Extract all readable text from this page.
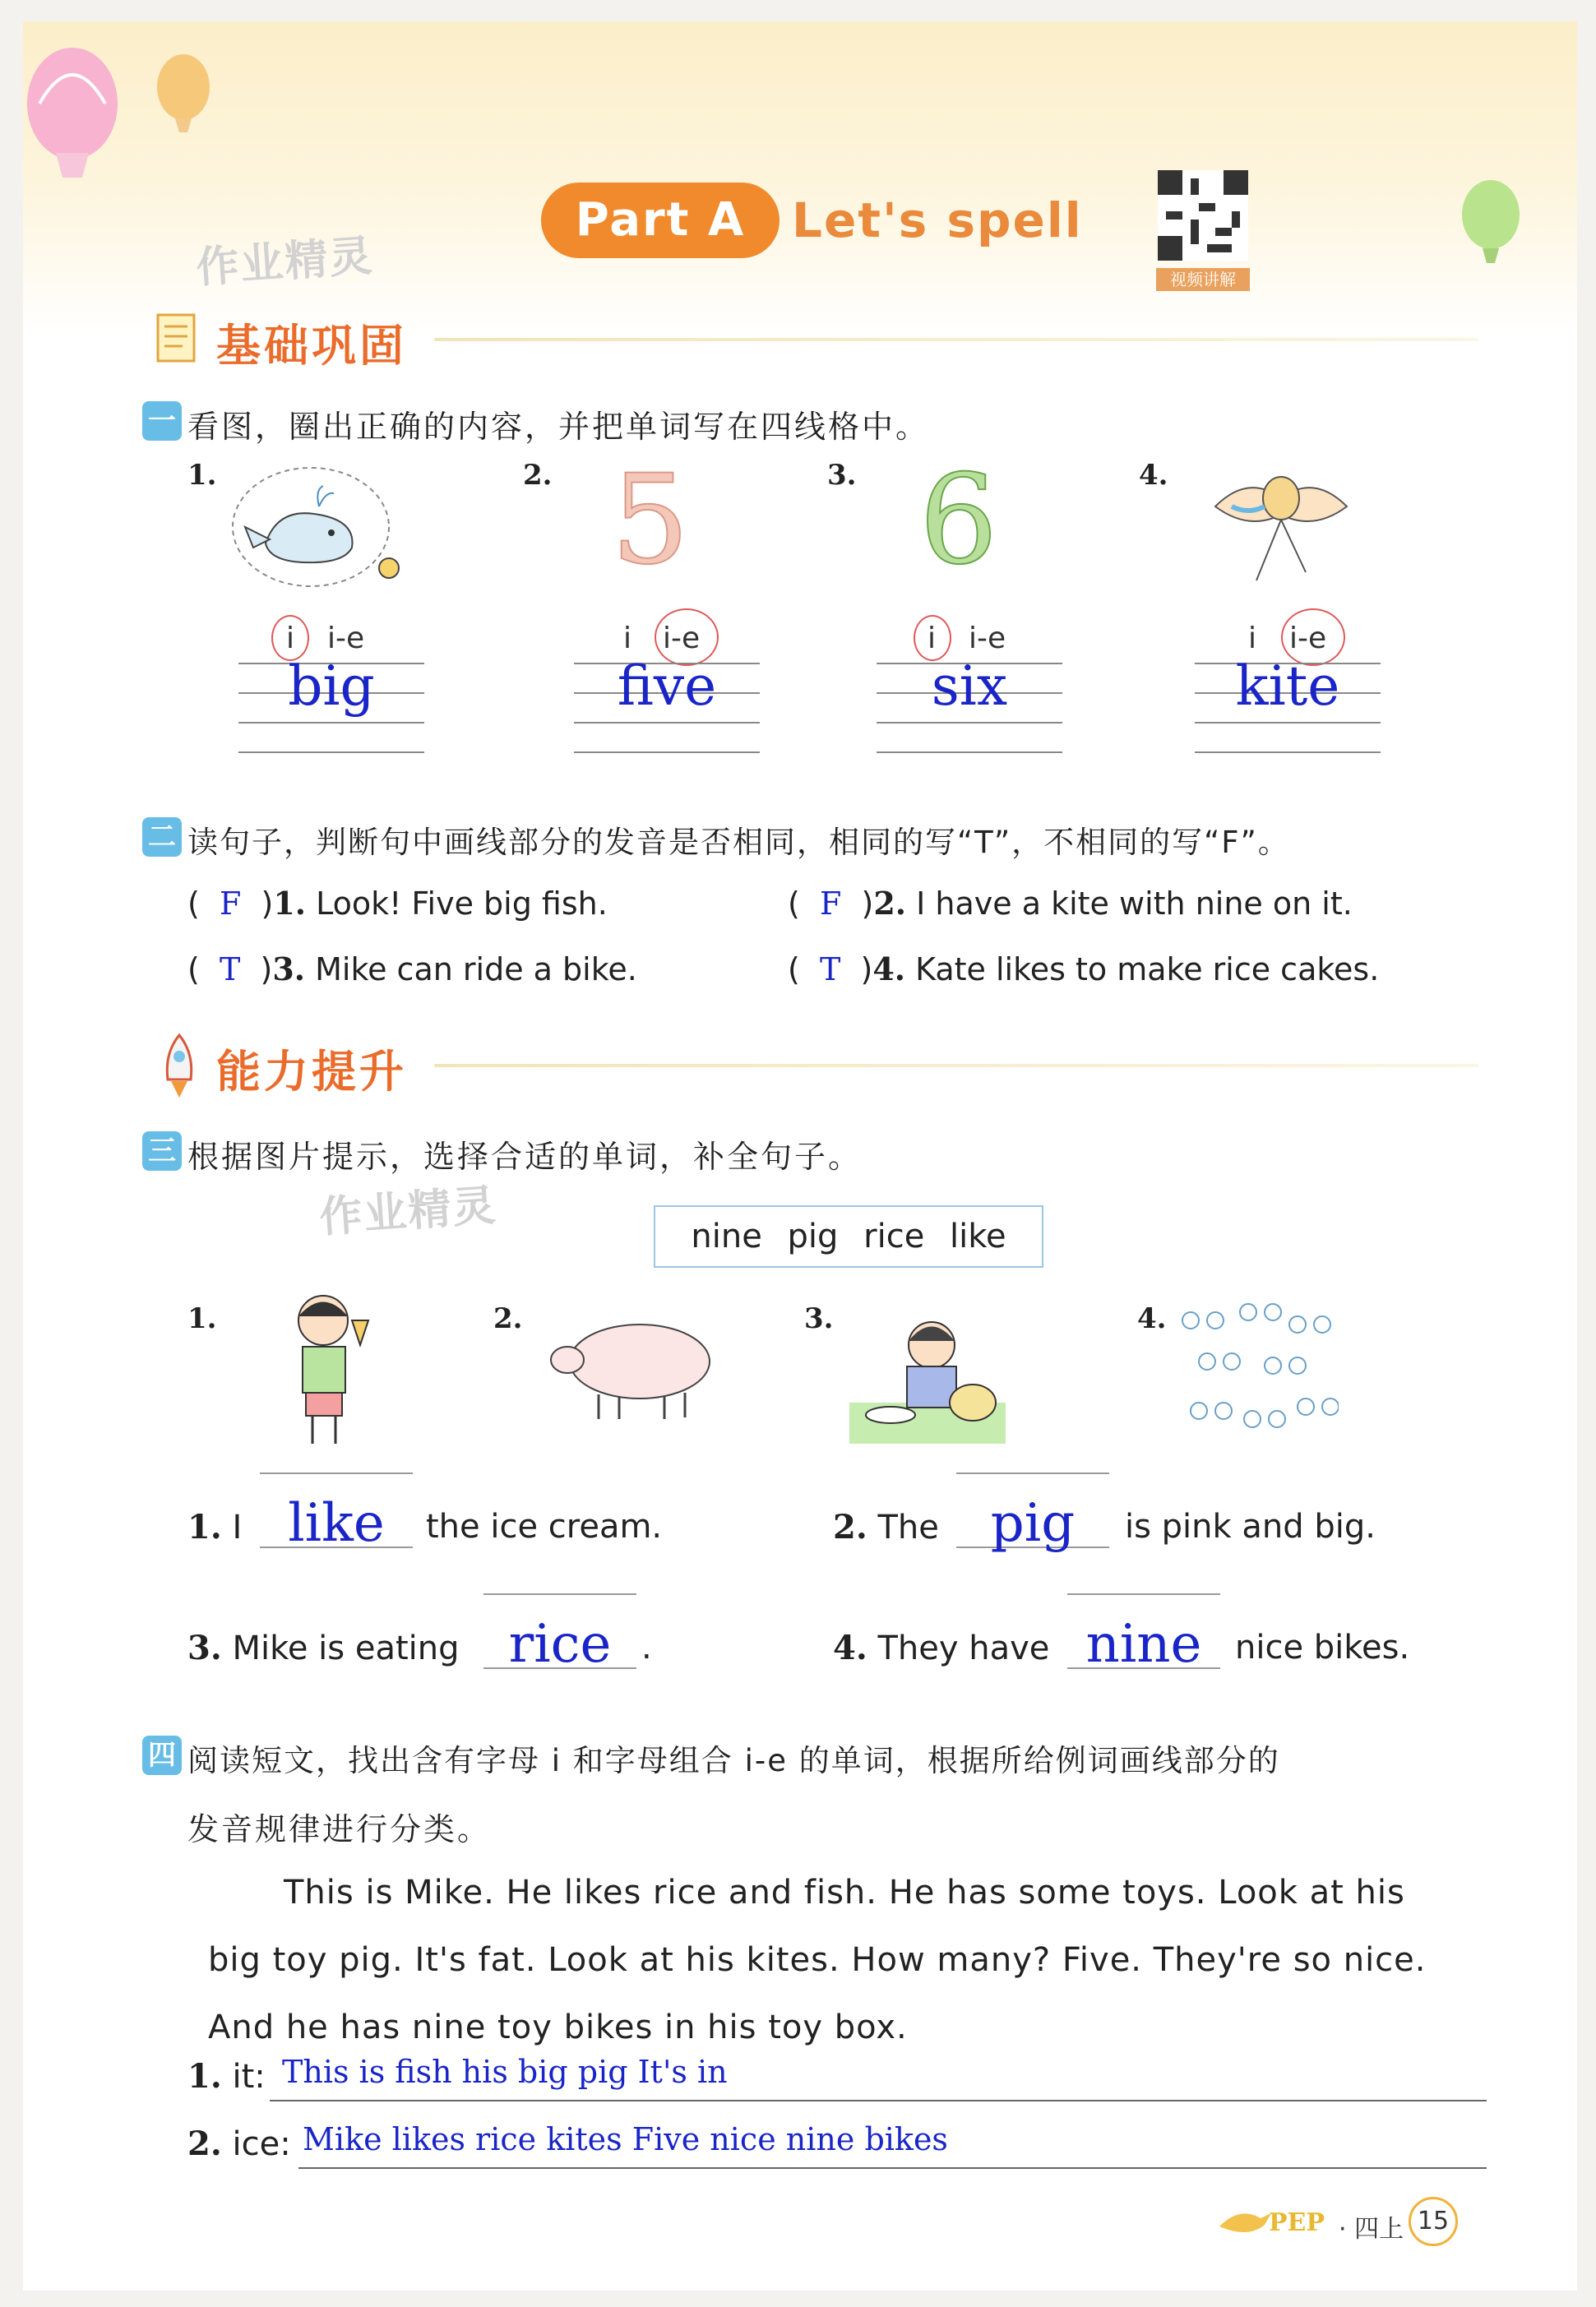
Part A Let's spell
视频讲解
作业精灵
基础巩固
一 看图，圈出正确的内容，并把单词写在四线格中。
1.	2. 5	3. 6	4.
i i-e	i i-e	i i-e	i i-e
big	five	six	kite
二 读句子，判断句中画线部分的发音是否相同，相同的写“T”，不相同的写“F”。
(  F  )1. Look! Five big fish.	(  F  )2. I have a kite with nine on it.
(  T  )3. Mike can ride a bike.	(  T  )4. Kate likes to make rice cakes.
能力提升
三 根据图片提示，选择合适的单词，补全句子。
作业精灵	nine pig rice like
1.	2.	3.	4.
1. I like	the ice cream.	2. The pig	is pink and big.
3. Mike is eating rice .	4. They have nine	nice bikes.
四 阅读短文，找出含有字母 i 和字母组合 i-e 的单词，根据所给例词画线部分的
发音规律进行分类。
This is Mike. He likes rice and fish. He has some toys. Look at his
big toy pig. It's fat. Look at his kites. How many? Five. They're so nice.
And he has nine toy bikes in his toy box.
1. it: This is fish his big pig It's in
2. ice: Mike likes rice kites Five nice nine bikes
PEP · 四上 15
